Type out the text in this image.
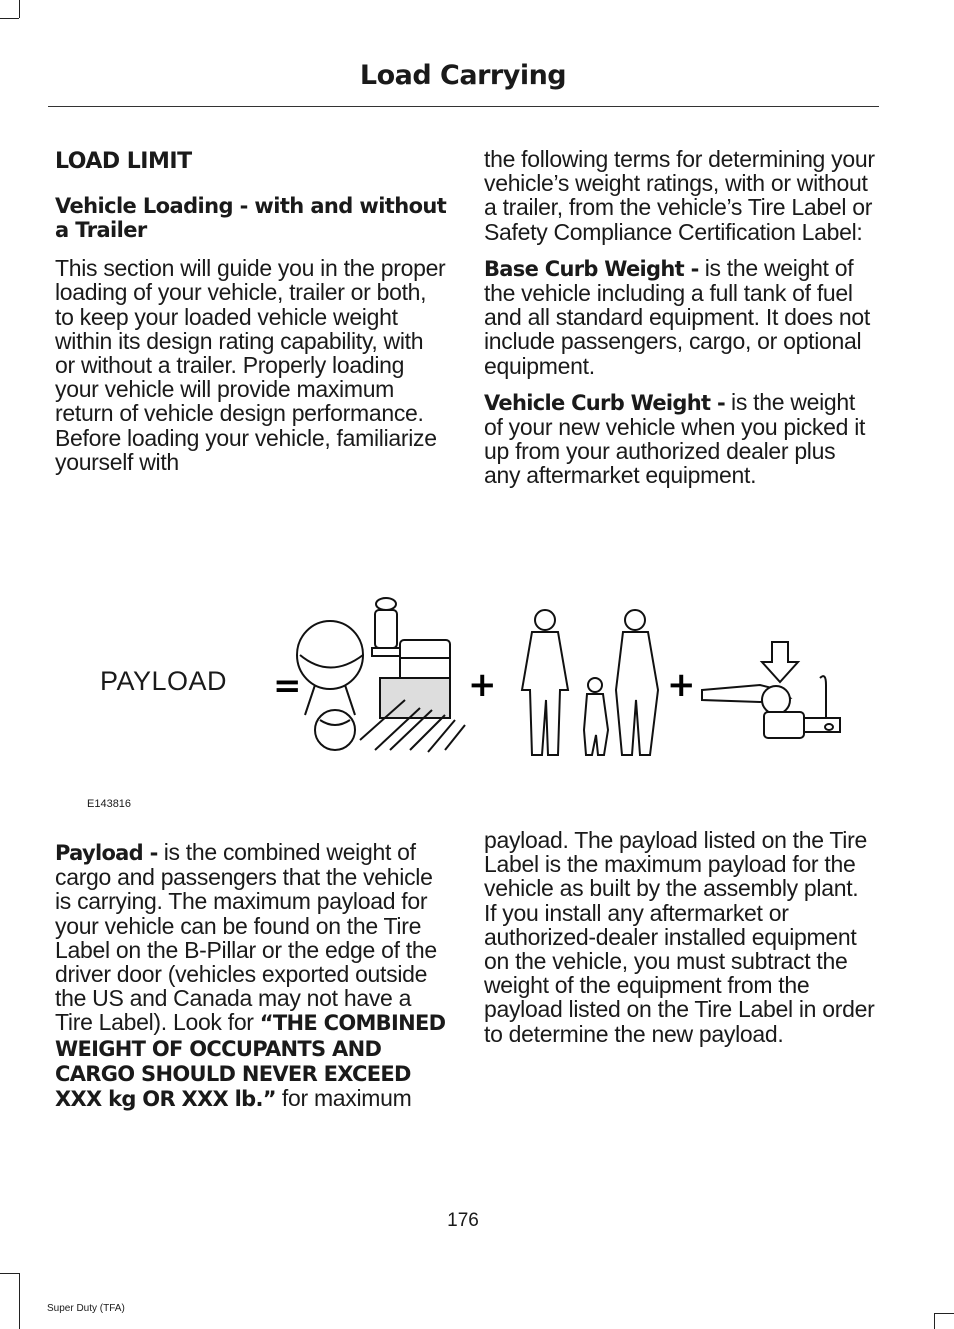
Load Carrying
LOAD LIMIT
Vehicle Loading - with and without a Trailer

This section will guide you in the proper loading of your vehicle, trailer or both, to keep your loaded vehicle weight within its design rating capability, with or without a trailer. Properly loading your vehicle will provide maximum return of vehicle design performance. Before loading your vehicle, familiarize yourself with

the following terms for determining your vehicle’s weight ratings, with or without a trailer, from the vehicle’s Tire Label or Safety Compliance Certification Label:

Base Curb Weight - is the weight of the vehicle including a full tank of fuel and all standard equipment. It does not include passengers, cargo, or optional equipment.

Vehicle Curb Weight - is the weight of your new vehicle when you picked it up from your authorized dealer plus any aftermarket equipment.

PAYLOAD =	+	+
E143816

Payload - is the combined weight of cargo and passengers that the vehicle is carrying. The maximum payload for your vehicle can be found on the Tire Label on the B-Pillar or the edge of the driver door (vehicles exported outside the US and Canada may not have a Tire Label). Look for “THE COMBINED WEIGHT OF OCCUPANTS AND CARGO SHOULD NEVER EXCEED XXX kg OR XXX lb.” for maximum

payload. The payload listed on the Tire Label is the maximum payload for the vehicle as built by the assembly plant. If you install any aftermarket or authorized-dealer installed equipment on the vehicle, you must subtract the weight of the equipment from the payload listed on the Tire Label in order to determine the new payload.

176
Super Duty (TFA)
